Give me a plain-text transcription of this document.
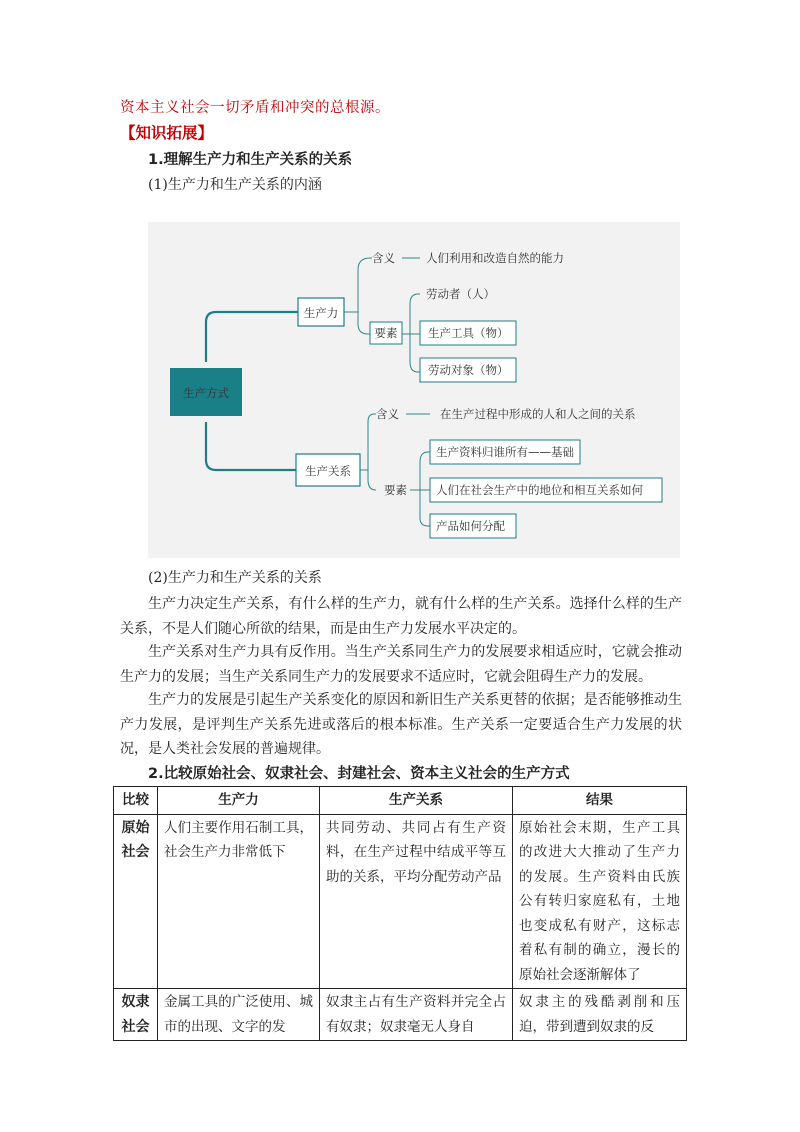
资本主义社会一切矛盾和冲突的总根源。
【知识拓展】
1.理解生产力和生产关系的关系
(1)生产力和生产关系的内涵
生产方式
生产力
含义	人们利用和改造自然的能力
要素
劳动者（人）
生产工具（物）
劳动对象（物）
生产关系
含义	在生产过程中形成的人和人之间的关系
要素
生产资料归谁所有——基础
人们在社会生产中的地位和相互关系如何
产品如何分配
(2)生产力和生产关系的关系
生产力决定生产关系，有什么样的生产力，就有什么样的生产关系。选择什么样的生产关系，不是人们随心所欲的结果，而是由生产力发展水平决定的。
生产关系对生产力具有反作用。当生产关系同生产力的发展要求相适应时，它就会推动生产力的发展；当生产关系同生产力的发展要求不适应时，它就会阻碍生产力的发展。
生产力的发展是引起生产关系变化的原因和新旧生产关系更替的依据；是否能够推动生产力发展，是评判生产关系先进或落后的根本标准。生产关系一定要适合生产力发展的状况，是人类社会发展的普遍规律。
2.比较原始社会、奴隶社会、封建社会、资本主义社会的生产方式
比较	生产力	生产关系	结果
原始社会	人们主要作用石制工具，社会生产力非常低下	共同劳动、共同占有生产资料，在生产过程中结成平等互助的关系，平均分配劳动产品	原始社会末期，生产工具的改进大大推动了生产力的发展。生产资料由氏族公有转归家庭私有，土地也变成私有财产，这标志着私有制的确立，漫长的原始社会逐渐解体了
奴隶社会	金属工具的广泛使用、城市的出现、文字的发	奴隶主占有生产资料并完全占有奴隶；奴隶毫无人身自	奴隶主的残酷剥削和压迫，带到遭到奴隶的反
